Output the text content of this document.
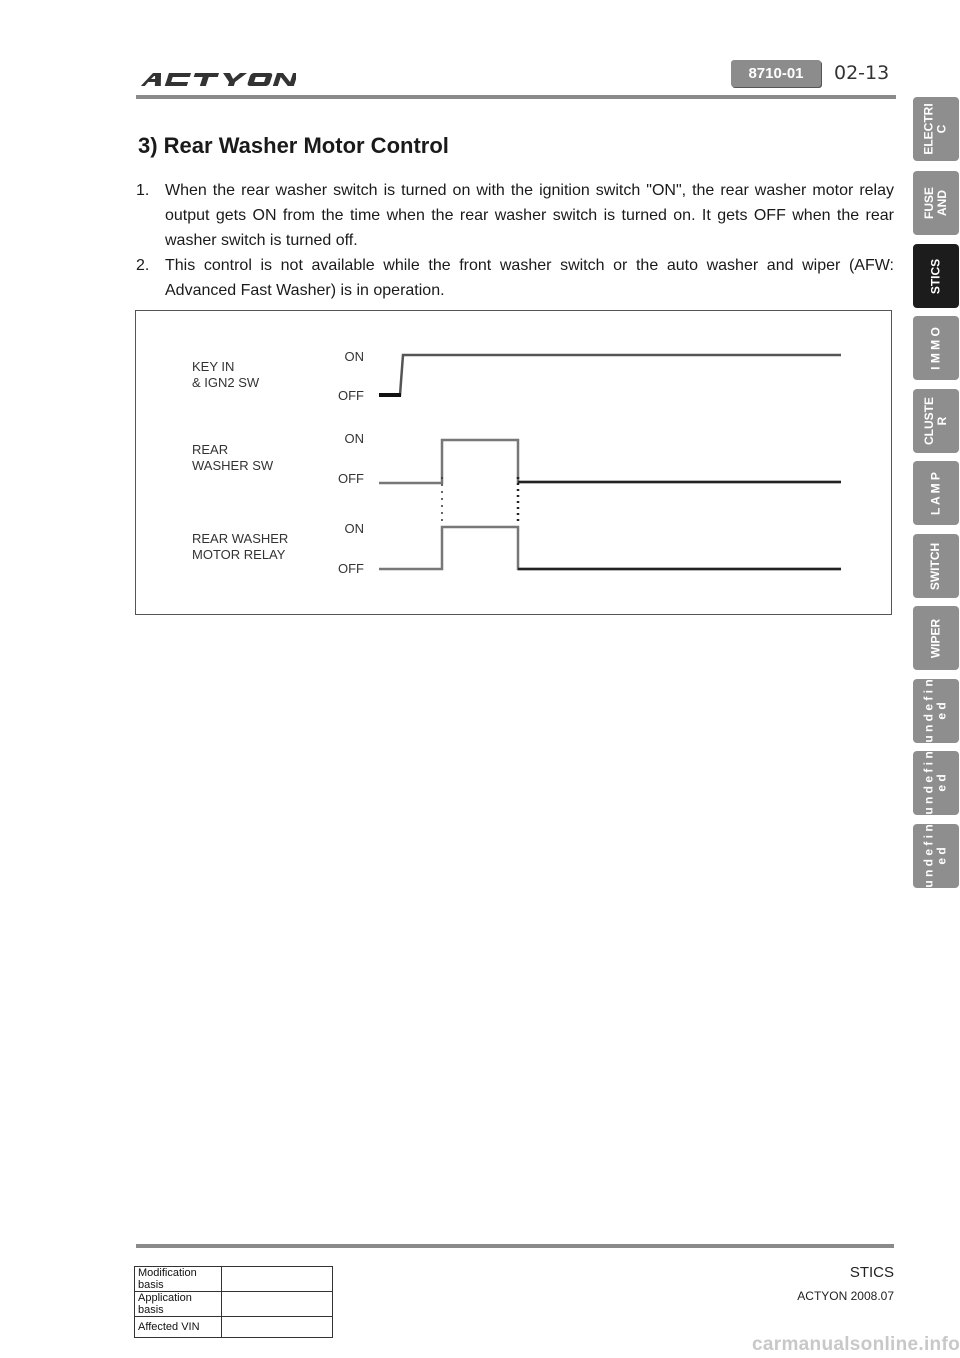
8710-01	02-13
ELECTRI
C
FUSE
AND
STICS
I M M O
CLUSTE
R
L A M P
SWITCH
WIPER
u n d e f i n
e d
u n d e f i n
e d
u n d e f i n
e d
3) Rear Washer Motor Control
1. When the rear washer switch is turned on with the ignition switch "ON", the rear washer motor relay output gets ON from the time when the rear washer switch is turned on. It gets OFF when the rear washer switch is turned off.
2. This control is not available while the front washer switch or the auto washer and wiper (AFW: Advanced Fast Washer) is in operation.
KEY IN
& IGN2 SW
ON
OFF
REAR
WASHER SW
ON
OFF
REAR WASHER
MOTOR RELAY
ON
OFF
Modification basis	
Application basis	
Affected VIN	
STICS
ACTYON 2008.07
carmanualsonline.info
